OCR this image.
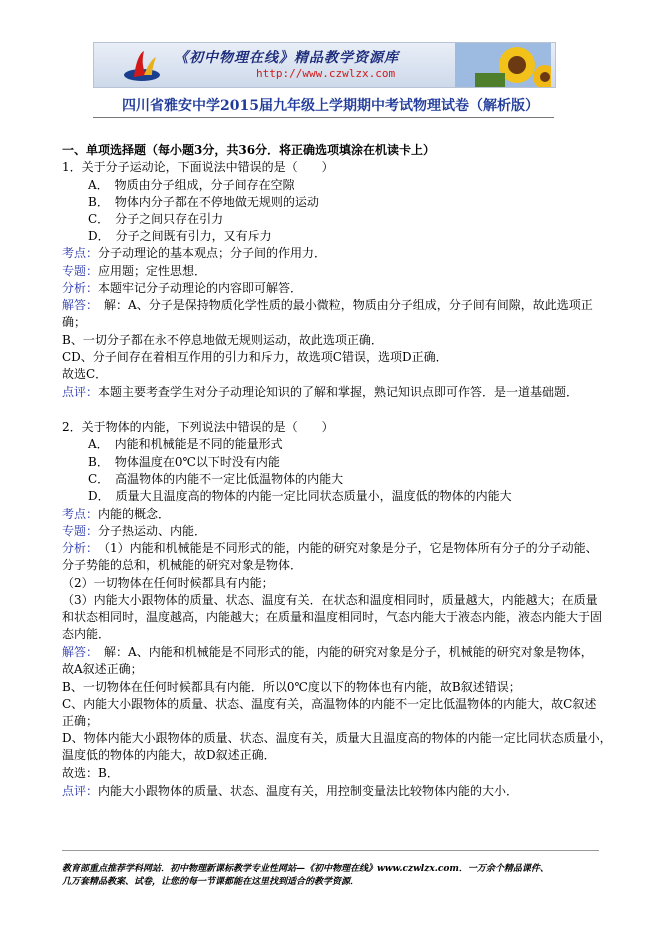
《初中物理在线》精品教学资源库
http://www.czwlzx.com
四川省雅安中学2015届九年级上学期期中考试物理试卷（解析版）
一、单项选择题（每小题3分，共36分．将正确选项填涂在机读卡上）
1．关于分子运动论，下面说法中错误的是（　　）
A．　物质由分子组成，分子间存在空隙
B．　物体内分子都在不停地做无规则的运动
C．　分子之间只存在引力
D．　分子之间既有引力，又有斥力
考点：分子动理论的基本观点；分子间的作用力．
专题：应用题；定性思想．
分析：本题牢记分子动理论的内容即可解答．
解答：　 解：A、分子是保持物质化学性质的最小微粒，物质由分子组成，分子间有间隙，故此选项正
确；
B、一切分子都在永不停息地做无规则运动，故此选项正确．
CD、分子间存在着相互作用的引力和斥力，故选项C错误，选项D正确．
故选C．
点评：本题主要考查学生对分子动理论知识的了解和掌握，熟记知识点即可作答．是一道基础题．
2．关于物体的内能，下列说法中错误的是（　　）
A．　内能和机械能是不同的能量形式
B．　物体温度在0℃以下时没有内能
C．　高温物体的内能不一定比低温物体的内能大
D．　质量大且温度高的物体的内能一定比同状态质量小，温度低的物体的内能大
考点：内能的概念．
专题：分子热运动、内能．
分析：　（1）内能和机械能是不同形式的能，内能的研究对象是分子，它是物体所有分子的分子动能、
分子势能的总和，机械能的研究对象是物体．
（2）一切物体在任何时候都具有内能；
（3）内能大小跟物体的质量、状态、温度有关．在状态和温度相同时，质量越大，内能越大；在质量
和状态相同时，温度越高，内能越大；在质量和温度相同时，气态内能大于液态内能，液态内能大于固
态内能．
解答：　 解：A、内能和机械能是不同形式的能，内能的研究对象是分子，机械能的研究对象是物体，
故A叙述正确；
B、一切物体在任何时候都具有内能．所以0℃度以下的物体也有内能，故B叙述错误；
C、内能大小跟物体的质量、状态、温度有关，高温物体的内能不一定比低温物体的内能大，故C叙述
正确；
D、物体内能大小跟物体的质量、状态、温度有关，质量大且温度高的物体的内能一定比同状态质量小，
温度低的物体的内能大，故D叙述正确．
故选：B．
点评：内能大小跟物体的质量、状态、温度有关，用控制变量法比较物体内能的大小．
教育部重点推荐学科网站．初中物理新课标教学专业性网站—《初中物理在线》www.czwlzx.com．一万余个精品课件、
几万套精品教案、试卷，让您的每一节课都能在这里找到适合的教学资源．
